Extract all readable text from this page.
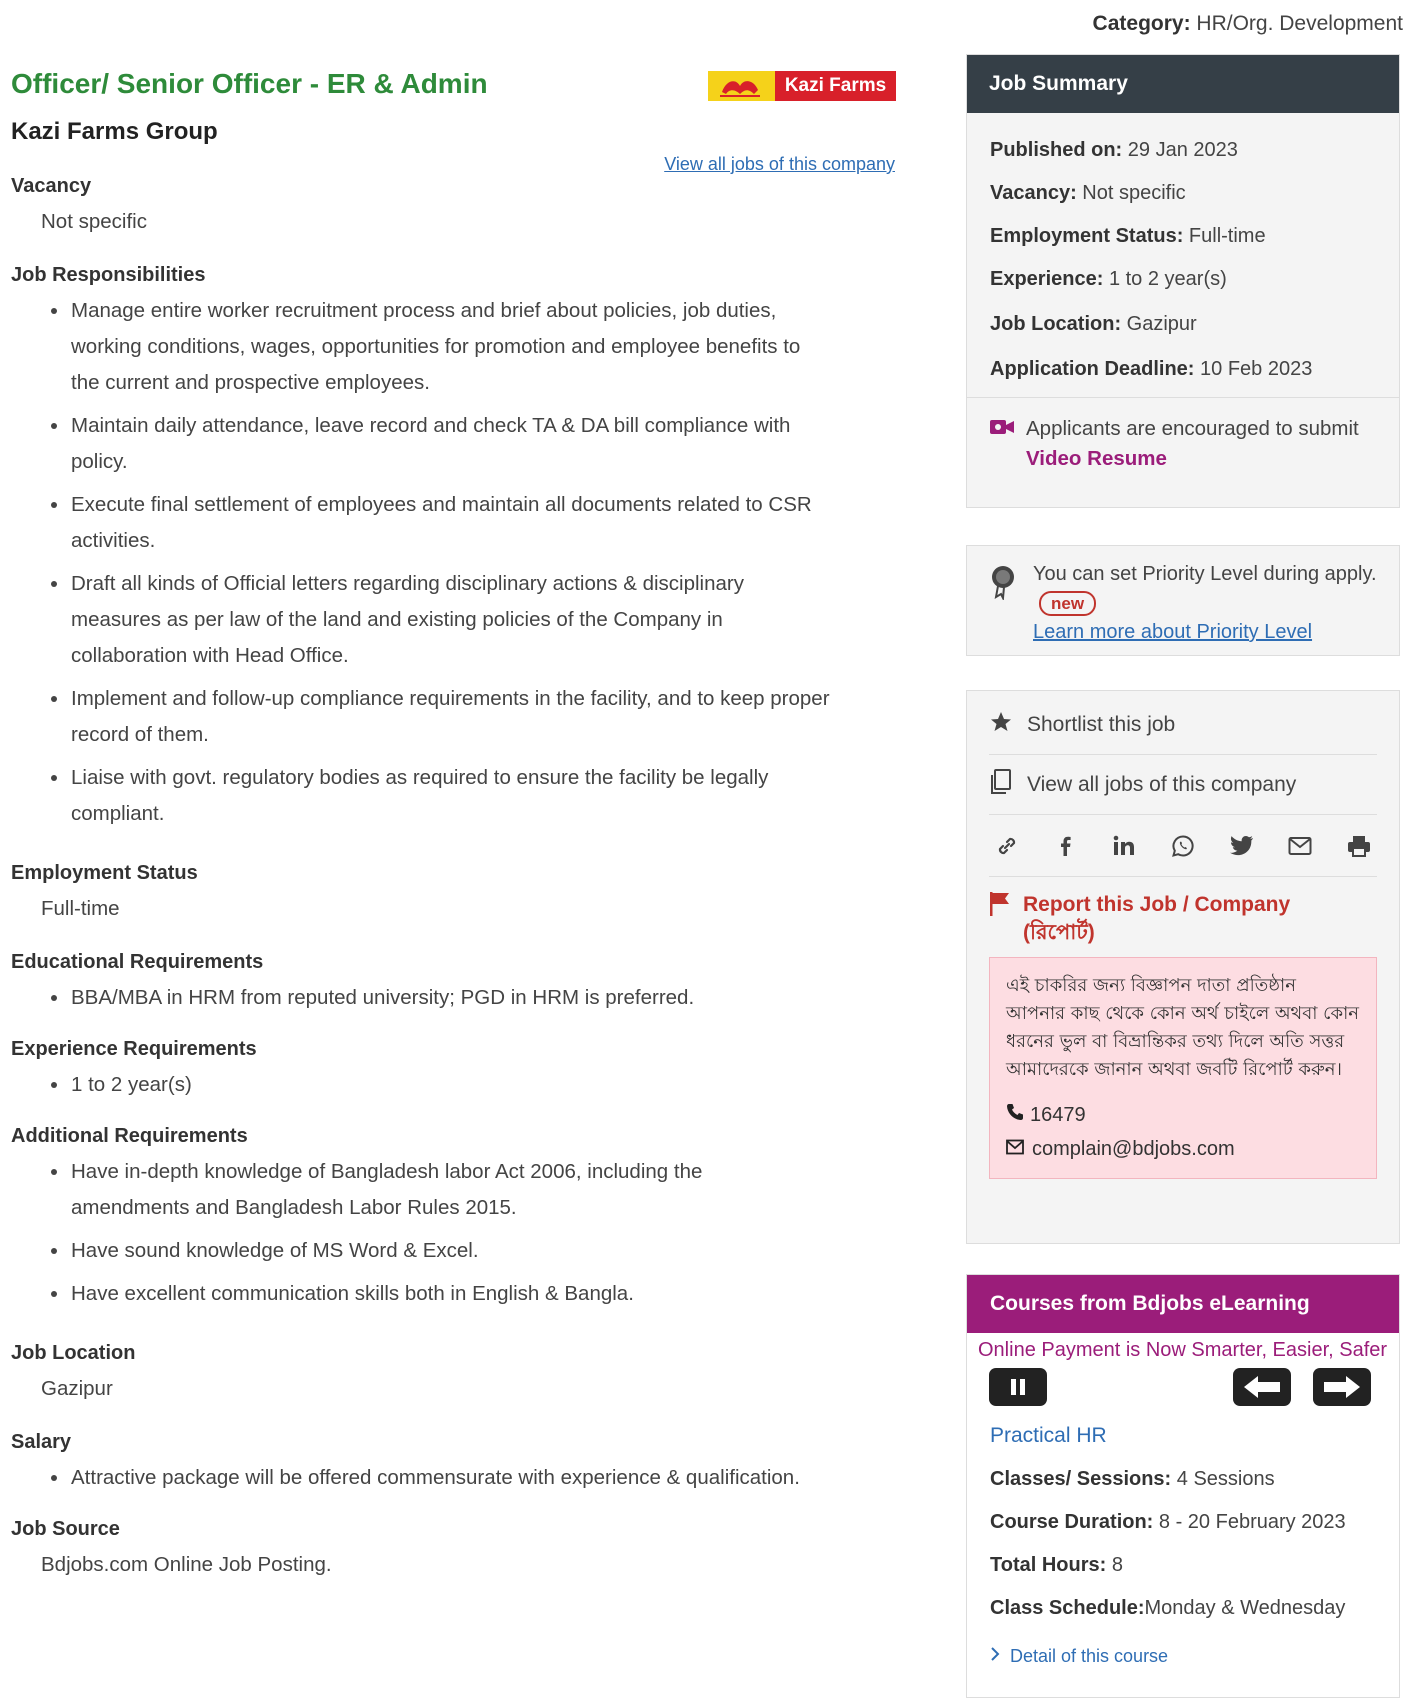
Category: HR/Org. Development
Officer/ Senior Officer - ER & Admin	Kazi Farms
Kazi Farms Group
View all jobs of this company
Vacancy
Not specific
Job Responsibilities
Manage entire worker recruitment process and brief about policies, job duties, working conditions, wages, opportunities for promotion and employee benefits to the current and prospective employees.
Maintain daily attendance, leave record and check TA & DA bill compliance with policy.
Execute final settlement of employees and maintain all documents related to CSR activities.
Draft all kinds of Official letters regarding disciplinary actions & disciplinary measures as per law of the land and existing policies of the Company in collaboration with Head Office.
Implement and follow-up compliance requirements in the facility, and to keep proper record of them.
Liaise with govt. regulatory bodies as required to ensure the facility be legally compliant.
Employment Status
Full-time
Educational Requirements
BBA/MBA in HRM from reputed university; PGD in HRM is preferred.
Experience Requirements
1 to 2 year(s)
Additional Requirements
Have in-depth knowledge of Bangladesh labor Act 2006, including the amendments and Bangladesh Labor Rules 2015.
Have sound knowledge of MS Word & Excel.
Have excellent communication skills both in English & Bangla.
Job Location
Gazipur
Salary
Attractive package will be offered commensurate with experience & qualification.
Job Source
Bdjobs.com Online Job Posting.
Job Summary
Published on: 29 Jan 2023
Vacancy: Not specific
Employment Status: Full-time
Experience: 1 to 2 year(s)
Job Location: Gazipur
Application Deadline: 10 Feb 2023
Applicants are encouraged to submit Video Resume
You can set Priority Level during apply. new
Learn more about Priority Level
Shortlist this job
View all jobs of this company
Report this Job / Company (রিপোর্ট)
এই চাকরির জন্য বিজ্ঞাপন দাতা প্রতিষ্ঠান আপনার কাছ থেকে কোন অর্থ চাইলে অথবা কোন ধরনের ভুল বা বিভ্রান্তিকর তথ্য দিলে অতি সত্তর আমাদেরকে জানান অথবা জবটি রিপোর্ট করুন।
16479
complain@bdjobs.com
Courses from Bdjobs eLearning
Online Payment is Now Smarter, Easier, Safer
Practical HR
Classes/ Sessions: 4 Sessions
Course Duration: 8 - 20 February 2023
Total Hours: 8
Class Schedule:Monday & Wednesday
Detail of this course
